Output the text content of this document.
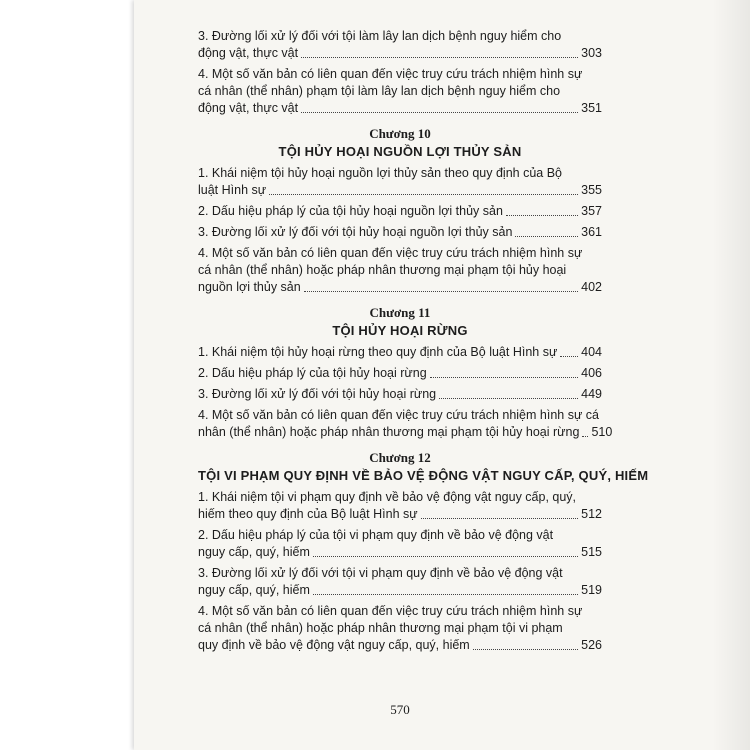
3. Đường lối xử lý đối với tội làm lây lan dịch bệnh nguy hiểm cho
động vật, thực vật	303
4. Một số văn bản có liên quan đến việc truy cứu trách nhiệm hình sự
cá nhân (thể nhân) phạm tội làm lây lan dịch bệnh nguy hiểm cho
động vật, thực vật	351
Chương 10
TỘI HỦY HOẠI NGUỒN LỢI THỦY SẢN
1. Khái niệm tội hủy hoại nguồn lợi thủy sản theo quy định của Bộ
luật Hình sự	355
2. Dấu hiệu pháp lý của tội hủy hoại nguồn lợi thủy sản	357
3. Đường lối xử lý đối với tội hủy hoại nguồn lợi thủy sản	361
4. Một số văn bản có liên quan đến việc truy cứu trách nhiệm hình sự
cá nhân (thể nhân) hoặc pháp nhân thương mại phạm tội hủy hoại
nguồn lợi thủy sản	402
Chương 11
TỘI HỦY HOẠI RỪNG
1. Khái niệm tội hủy hoại rừng theo quy định của Bộ luật Hình sự 404
2. Dấu hiệu pháp lý của tội hủy hoại rừng	406
3. Đường lối xử lý đối với tội hủy hoại rừng	449
4. Một số văn bản có liên quan đến việc truy cứu trách nhiệm hình sự cá
nhân (thể nhân) hoặc pháp nhân thương mại phạm tội hủy hoại rừng 510
Chương 12
TỘI VI PHẠM QUY ĐỊNH VỀ BẢO VỆ ĐỘNG VẬT NGUY CẤP, QUÝ, HIẾM
1. Khái niệm tội vi phạm quy định về bảo vệ động vật nguy cấp, quý,
hiếm theo quy định của Bộ luật Hình sự	512
2. Dấu hiệu pháp lý của tội vi phạm quy định về bảo vệ động vật
nguy cấp, quý, hiếm	515
3. Đường lối xử lý đối với tội vi phạm quy định về bảo vệ động vật
nguy cấp, quý, hiếm	519
4. Một số văn bản có liên quan đến việc truy cứu trách nhiệm hình sự
cá nhân (thể nhân) hoặc pháp nhân thương mại phạm tội vi phạm
quy định về bảo vệ động vật nguy cấp, quý, hiếm	526
570
